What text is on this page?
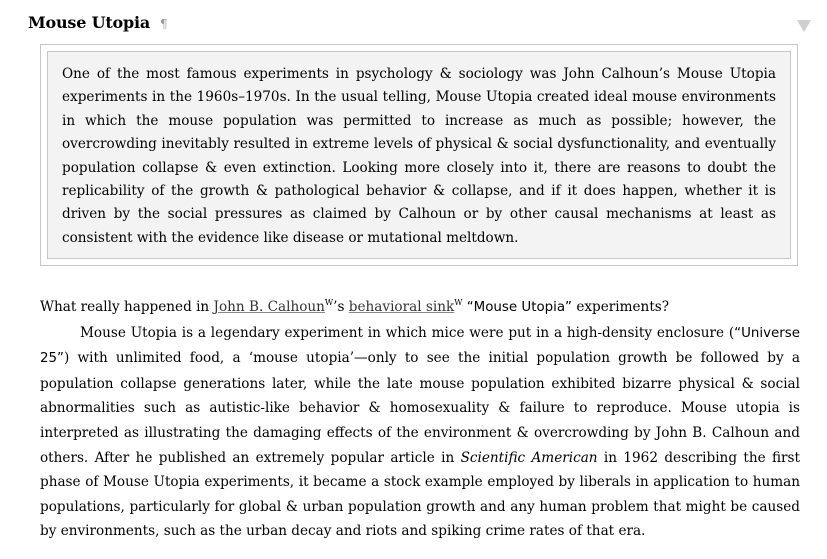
Mouse Utopia ¶

One of the most famous experiments in psychology & sociology was John Calhoun’s Mouse Utopia experiments in the 1960s–1970s. In the usual telling, Mouse Utopia created ideal mouse environments in which the mouse population was permitted to increase as much as possible; however, the overcrowding inevitably resulted in extreme levels of physical & social dysfunctionality, and eventually population collapse & even extinction. Looking more closely into it, there are reasons to doubt the replicability of the growth & pathological behavior & collapse, and if it does happen, whether it is driven by the social pressures as claimed by Calhoun or by other causal mechanisms at least as consistent with the evidence like disease or mutational meltdown.

What really happened in John B. Calhoun$^W$’s behavioral sink$^W$ “Mouse Utopia” experiments?

Mouse Utopia is a legendary experiment in which mice were put in a high-density enclosure (“Universe 25”) with unlimited food, a ‘mouse utopia’—only to see the initial population growth be followed by a population collapse generations later, while the late mouse population exhibited bizarre physical & social abnormalities such as autistic-like behavior & homosexuality & failure to reproduce. Mouse utopia is interpreted as illustrating the damaging effects of the environment & overcrowding by John B. Calhoun and others. After he published an extremely popular article in Scientific American in 1962 describing the first phase of Mouse Utopia experiments, it became a stock example employed by liberals in application to human populations, particularly for global & urban population growth and any human problem that might be caused by environments, such as the urban decay and riots and spiking crime rates of that era.
